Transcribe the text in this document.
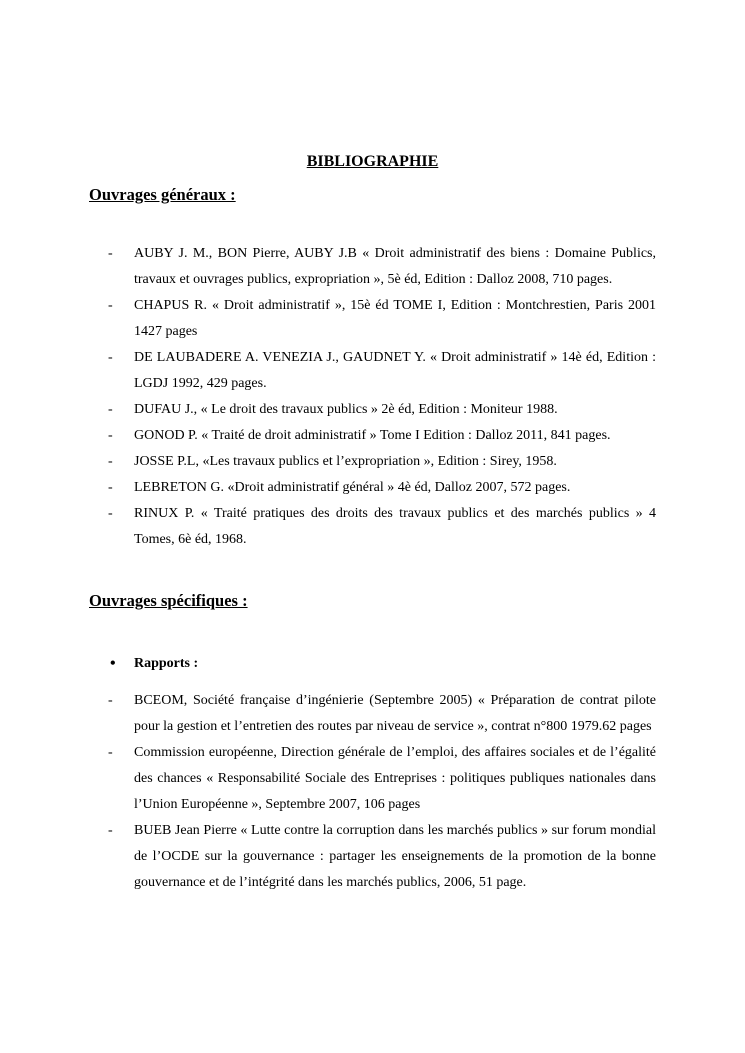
BIBLIOGRAPHIE
Ouvrages généraux :
-	AUBY J. M., BON Pierre, AUBY J.B « Droit administratif des biens : Domaine Publics, travaux et ouvrages publics, expropriation », 5è éd, Edition : Dalloz 2008, 710 pages.
-	CHAPUS R. « Droit administratif », 15è éd TOME I, Edition : Montchrestien, Paris 2001 1427 pages
-	DE LAUBADERE A. VENEZIA J., GAUDNET Y. « Droit administratif » 14è éd, Edition : LGDJ 1992, 429 pages.
-	DUFAU J., « Le droit des travaux publics » 2è éd, Edition : Moniteur 1988.
-	GONOD P. « Traité de droit administratif » Tome I Edition : Dalloz 2011, 841 pages.
-	JOSSE P.L, «Les travaux publics et l’expropriation », Edition : Sirey, 1958.
-	LEBRETON G. «Droit administratif général » 4è éd, Dalloz 2007, 572 pages.
-	RINUX P. « Traité pratiques des droits des travaux publics et des marchés publics » 4 Tomes, 6è éd, 1968.
Ouvrages spécifiques :
• Rapports :
-	BCEOM, Société française d’ingénierie (Septembre 2005) « Préparation de contrat pilote pour la gestion et l’entretien des routes par niveau de service », contrat n°800 1979.62 pages
-	Commission européenne, Direction générale de l’emploi, des affaires sociales et de l’égalité des chances « Responsabilité Sociale des Entreprises : politiques publiques nationales dans l’Union Européenne », Septembre 2007, 106 pages
-	BUEB Jean Pierre « Lutte contre la corruption dans les marchés publics » sur forum mondial de l’OCDE sur la gouvernance : partager les enseignements de la promotion de la bonne gouvernance et de l’intégrité dans les marchés publics, 2006, 51 page.
